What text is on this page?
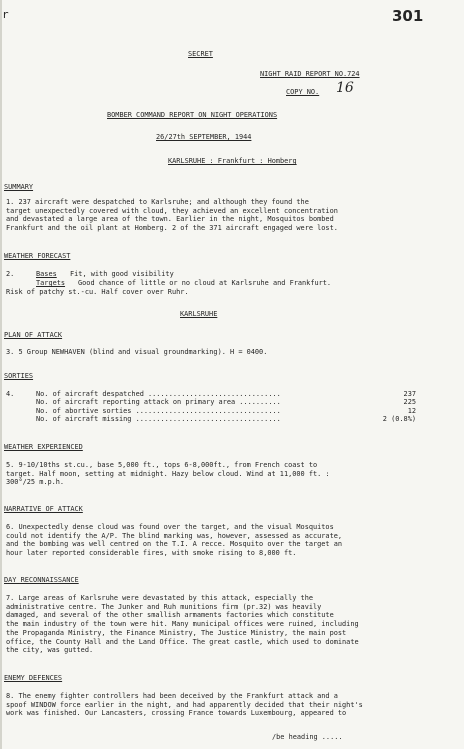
r	301
SECRET
NIGHT RAID REPORT NO.724
COPY NO. 16
BOMBER COMMAND REPORT ON NIGHT OPERATIONS
26/27th SEPTEMBER, 1944
KARLSRUHE : Frankfurt : Homberg
SUMMARY
1. 237 aircraft were despatched to Karlsruhe; and although they found the
target unexpectedly covered with cloud, they achieved an excellent concentration
and devastated a large area of the town. Earlier in the night, Mosquitos bombed
Frankfurt and the oil plant at Homberg. 2 of the 371 aircraft engaged were lost.
WEATHER FORECAST
2.	Bases Fit, with good visibility
Targets Good chance of little or no cloud at Karlsruhe and Frankfurt.
Risk of patchy st.-cu. Half cover over Ruhr.
KARLSRUHE
PLAN OF ATTACK
3. 5 Group NEWHAVEN (blind and visual groundmarking). H = 0400.
SORTIES
4.	No. of aircraft despatched ................................	237
No. of aircraft reporting attack on primary area ..........	225
No. of abortive sorties ...................................	12
No. of aircraft missing ...................................	2 (0.8%)
WEATHER EXPERIENCED
5. 9-10/10ths st.cu., base 5,000 ft., tops 6-8,000ft., from French coast to
target. Half moon, setting at midnight. Hazy below cloud. Wind at 11,000 ft. :
300°/25 m.p.h.
NARRATIVE OF ATTACK
6. Unexpectedly dense cloud was found over the target, and the visual Mosquitos
could not identify the A/P. The blind marking was, however, assessed as accurate,
and the bombing was well centred on the T.I. A recce. Mosquito over the target an
hour later reported considerable fires, with smoke rising to 8,000 ft.
DAY RECONNAISSANCE
7. Large areas of Karlsruhe were devastated by this attack, especially the
administrative centre. The Junker and Ruh munitions firm (pr.32) was heavily
damaged, and several of the other smallish armaments factories which constitute
the main industry of the town were hit. Many municipal offices were ruined, including
the Propaganda Ministry, the Finance Ministry, The Justice Ministry, the main post
office, the County Hall and the Land Office. The great castle, which used to dominate
the city, was gutted.
ENEMY DEFENCES
8. The enemy fighter controllers had been deceived by the Frankfurt attack and a
spoof WINDOW force earlier in the night, and had apparently decided that their night's
work was finished. Our Lancasters, crossing France towards Luxembourg, appeared to
/be heading .....
